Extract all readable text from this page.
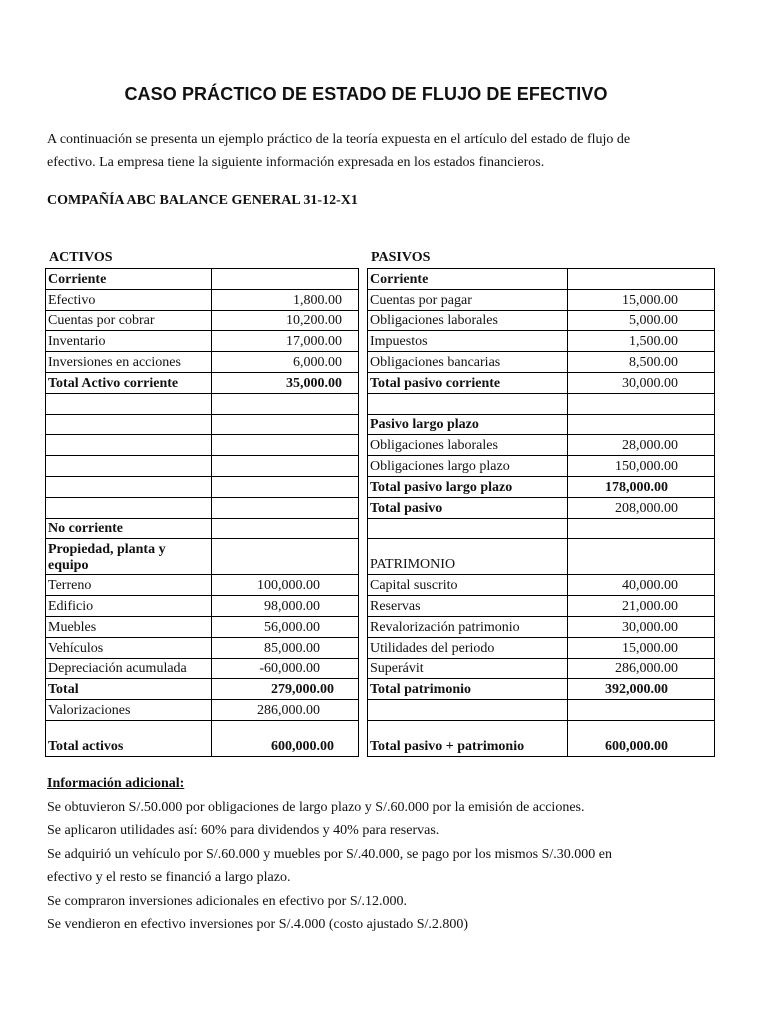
CASO PRÁCTICO DE ESTADO DE FLUJO DE EFECTIVO

A continuación se presenta un ejemplo práctico de la teoría expuesta en el artículo del estado de flujo de

efectivo. La empresa tiene la siguiente información expresada en los estados financieros.

COMPAÑÍA ABC BALANCE GENERAL 31-12-X1
ACTIVOS	PASIVOS
Corriente	
Efectivo	1,800.00
Cuentas por cobrar	10,200.00
Inventario	17,000.00
Inversiones en acciones	6,000.00
Total Activo corriente	35,000.00

No corriente	
Propiedad, planta y equipo	
Terreno	100,000.00
Edificio	98,000.00
Muebles	56,000.00
Vehículos	85,000.00
Depreciación acumulada	-60,000.00
Total	279,000.00
Valorizaciones	286,000.00
Total activos	600,000.00
Corriente	
Cuentas por pagar	15,000.00
Obligaciones laborales	5,000.00
Impuestos	1,500.00
Obligaciones bancarias	8,500.00
Total pasivo corriente	30,000.00

Pasivo largo plazo	
Obligaciones laborales	28,000.00
Obligaciones largo plazo	150,000.00
Total pasivo largo plazo	178,000.00
Total pasivo	208,000.00

PATRIMONIO	
Capital suscrito	40,000.00
Reservas	21,000.00
Revalorización patrimonio	30,000.00
Utilidades del periodo	15,000.00
Superávit	286,000.00
Total patrimonio	392,000.00

Total pasivo + patrimonio	600,000.00

Información adicional:

Se obtuvieron S/.50.000 por obligaciones de largo plazo y S/.60.000 por la emisión de acciones.

Se aplicaron utilidades así: 60% para dividendos y 40% para reservas.

Se adquirió un vehículo por S/.60.000 y muebles por S/.40.000, se pago por los mismos S/.30.000 en

efectivo y el resto se financió a largo plazo.

Se compraron inversiones adicionales en efectivo por S/.12.000.

Se vendieron en efectivo inversiones por S/.4.000 (costo ajustado S/.2.800)
